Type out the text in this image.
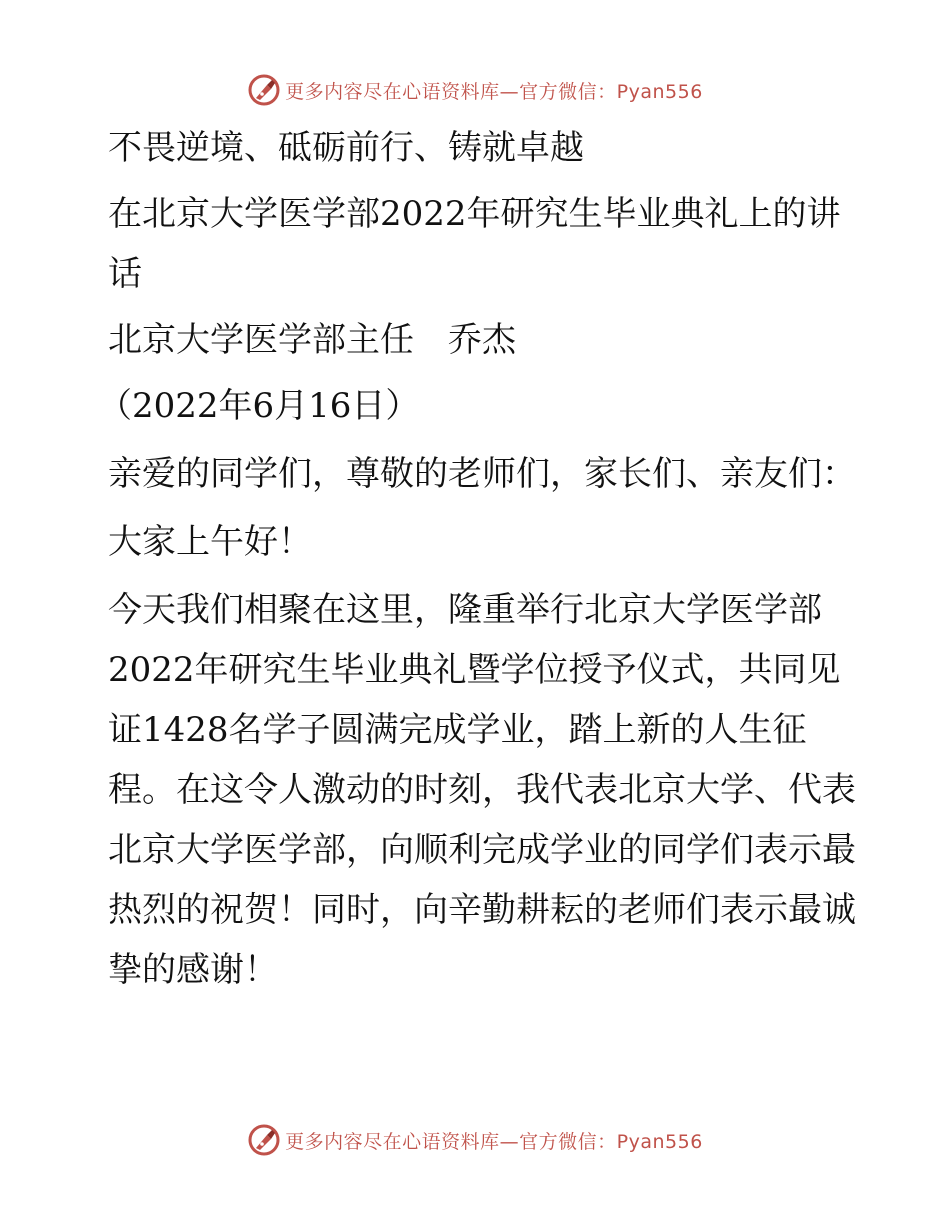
更多内容尽在心语资料库—官方微信：Pyan556

不畏逆境、砥砺前行、铸就卓越

在北京大学医学部2022年研究生毕业典礼上的讲话

北京大学医学部主任　乔杰

（2022年6月16日）

亲爱的同学们，尊敬的老师们，家长们、亲友们：

大家上午好！

今天我们相聚在这里，隆重举行北京大学医学部2022年研究生毕业典礼暨学位授予仪式，共同见证1428名学子圆满完成学业，踏上新的人生征程。在这令人激动的时刻，我代表北京大学、代表北京大学医学部，向顺利完成学业的同学们表示最热烈的祝贺！同时，向辛勤耕耘的老师们表示最诚挚的感谢！

更多内容尽在心语资料库—官方微信：Pyan556
